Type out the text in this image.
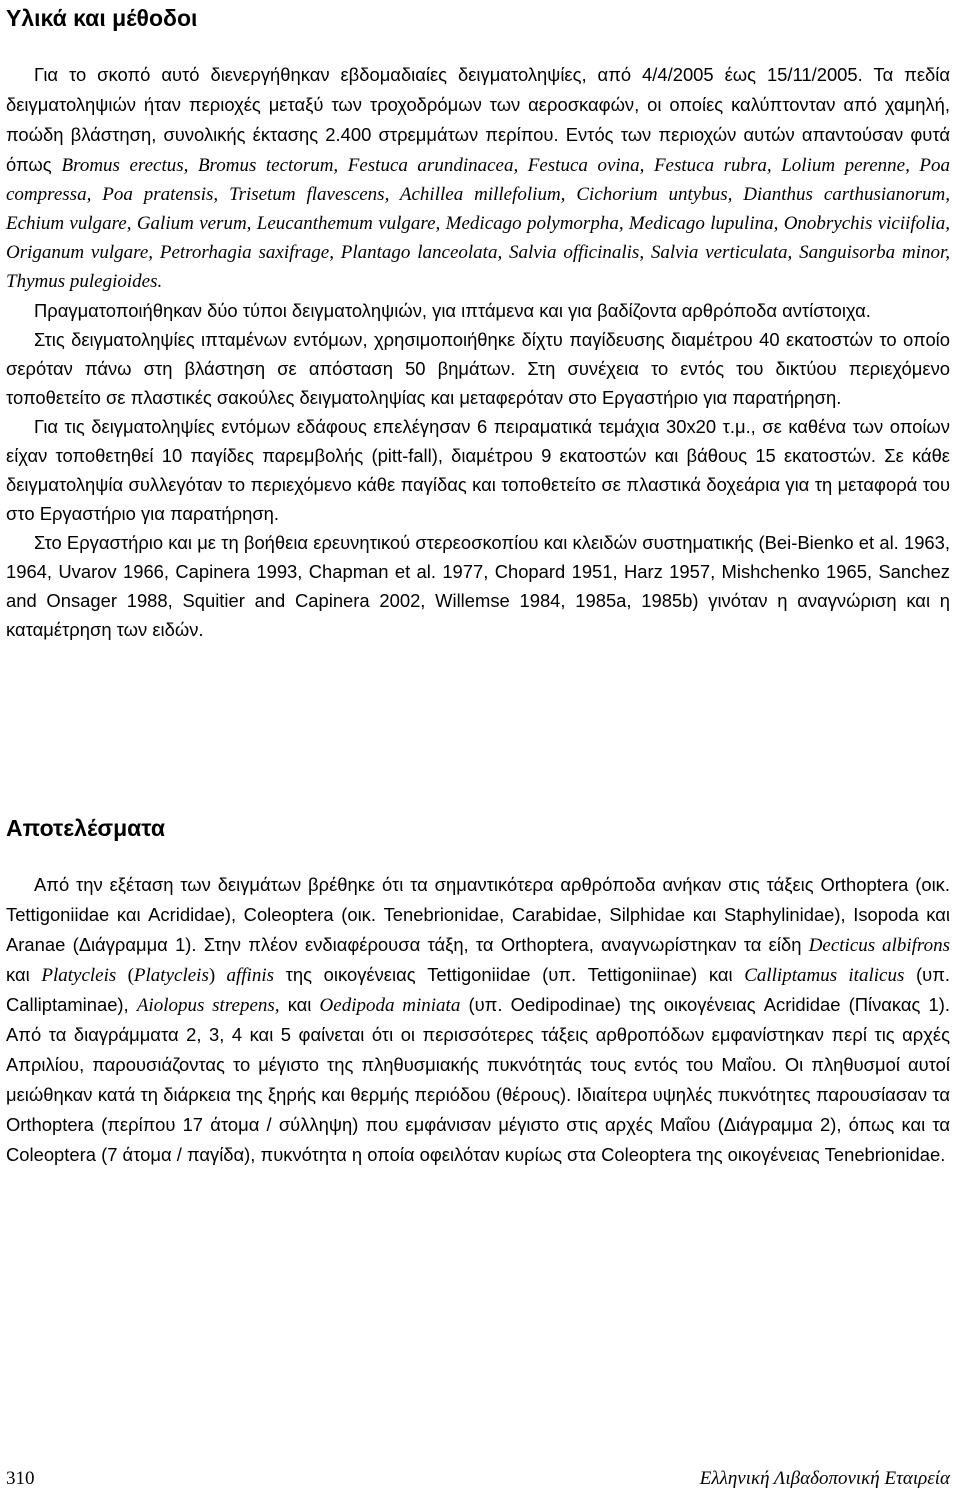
Υλικά και μέθοδοι

Για το σκοπό αυτό διενεργήθηκαν εβδομαδιαίες δειγματοληψίες, από 4/4/2005 έως 15/11/2005. Τα πεδία δειγματοληψιών ήταν περιοχές μεταξύ των τροχοδρόμων των αεροσκαφών, οι οποίες καλύπτονταν από χαμηλή, ποώδη βλάστηση, συνολικής έκτασης 2.400 στρεμμάτων περίπου. Εντός των περιοχών αυτών απαντούσαν φυτά όπως Bromus erectus, Bromus tectorum, Festuca arundinacea, Festuca ovina, Festuca rubra, Lolium perenne, Poa compressa, Poa pratensis, Trisetum flavescens, Achillea millefolium, Cichorium untybus, Dianthus carthusianorum, Echium vulgare, Galium verum, Leucanthemum vulgare, Medicago polymorpha, Medicago lupulina, Onobrychis viciifolia, Origanum vulgare, Petrorhagia saxifrage, Plantago lanceolata, Salvia officinalis, Salvia verticulata, Sanguisorba minor, Thymus pulegioides.

Πραγματοποιήθηκαν δύο τύποι δειγματοληψιών, για ιπτάμενα και για βαδίζοντα αρθρόποδα αντίστοιχα.

Στις δειγματοληψίες ιπταμένων εντόμων, χρησιμοποιήθηκε δίχτυ παγίδευσης διαμέτρου 40 εκατοστών το οποίο σερόταν πάνω στη βλάστηση σε απόσταση 50 βημάτων. Στη συνέχεια το εντός του δικτύου περιεχόμενο τοποθετείτο σε πλαστικές σακούλες δειγματοληψίας και μεταφερόταν στο Εργαστήριο για παρατήρηση.

Για τις δειγματοληψίες εντόμων εδάφους επελέγησαν 6 πειραματικά τεμάχια 30x20 τ.μ., σε καθένα των οποίων είχαν τοποθετηθεί 10 παγίδες παρεμβολής (pitt-fall), διαμέτρου 9 εκατοστών και βάθους 15 εκατοστών. Σε κάθε δειγματοληψία συλλεγόταν το περιεχόμενο κάθε παγίδας και τοποθετείτο σε πλαστικά δοχεάρια για τη μεταφορά του στο Εργαστήριο για παρατήρηση.

Στο Εργαστήριο και με τη βοήθεια ερευνητικού στερεοσκοπίου και κλειδών συστηματικής (Bei-Bienko et al. 1963, 1964, Uvarov 1966, Capinera 1993, Chapman et al. 1977, Chopard 1951, Harz 1957, Mishchenko 1965, Sanchez and Onsager 1988, Squitier and Capinera 2002, Willemse 1984, 1985a, 1985b) γινόταν η αναγνώριση και η καταμέτρηση των ειδών.

Αποτελέσματα

Από την εξέταση των δειγμάτων βρέθηκε ότι τα σημαντικότερα αρθρόποδα ανήκαν στις τάξεις Orthoptera (οικ. Tettigoniidae και Acrididae), Coleoptera (οικ. Tenebrionidae, Carabidae, Silphidae και Staphylinidae), Isopoda και Aranae (Διάγραμμα 1). Στην πλέον ενδιαφέρουσα τάξη, τα Orthoptera, αναγνωρίστηκαν τα είδη Decticus albifrons και Platycleis (Platycleis) affinis της οικογένειας Tettigoniidae (υπ. Tettigoniinae) και Calliptamus italicus (υπ. Calliptaminae), Aiolopus strepens, και Oedipoda miniata (υπ. Oedipodinae) της οικογένειας Acrididae (Πίνακας 1). Από τα διαγράμματα 2, 3, 4 και 5 φαίνεται ότι οι περισσότερες τάξεις αρθροπόδων εμφανίστηκαν περί τις αρχές Απριλίου, παρουσιάζοντας το μέγιστο της πληθυσμιακής πυκνότητάς τους εντός του Μαΐου. Οι πληθυσμοί αυτοί μειώθηκαν κατά τη διάρκεια της ξηρής και θερμής περιόδου (θέρους). Ιδιαίτερα υψηλές πυκνότητες παρουσίασαν τα Orthoptera (περίπου 17 άτομα / σύλληψη) που εμφάνισαν μέγιστο στις αρχές Μαΐου (Διάγραμμα 2), όπως και τα Coleoptera (7 άτομα / παγίδα), πυκνότητα η οποία οφειλόταν κυρίως στα Coleoptera της οικογένειας Tenebrionidae.

310	Ελληνική Λιβαδοπονική Εταιρεία
